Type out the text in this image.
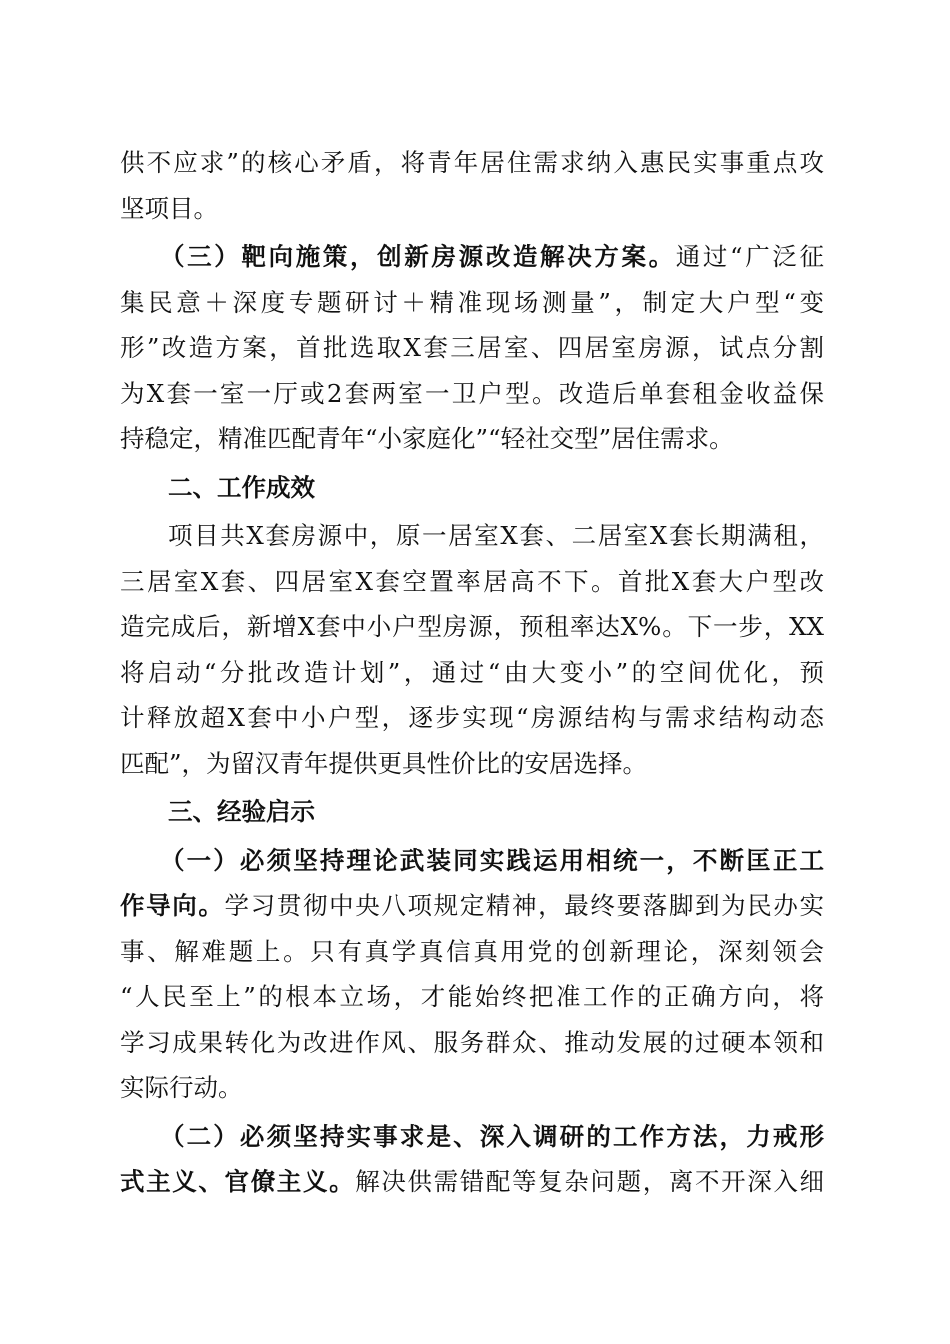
供不应求”的核心矛盾，将青年居住需求纳入惠民实事重点攻
坚项目。
（三）靶向施策，创新房源改造解决方案。通过“广泛征
集民意＋深度专题研讨＋精准现场测量”，制定大户型“变
形”改造方案，首批选取X套三居室、四居室房源，试点分割
为X套一室一厅或2套两室一卫户型。改造后单套租金收益保
持稳定，精准匹配青年“小家庭化”“轻社交型”居住需求。
二、工作成效
项目共X套房源中，原一居室X套、二居室X套长期满租，
三居室X套、四居室X套空置率居高不下。首批X套大户型改
造完成后，新增X套中小户型房源，预租率达X%。下一步，XX
将启动“分批改造计划”，通过“由大变小”的空间优化，预
计释放超X套中小户型，逐步实现“房源结构与需求结构动态
匹配”，为留汉青年提供更具性价比的安居选择。
三、经验启示
（一）必须坚持理论武装同实践运用相统一，不断匡正工
作导向。学习贯彻中央八项规定精神，最终要落脚到为民办实
事、解难题上。只有真学真信真用党的创新理论，深刻领会
“人民至上”的根本立场，才能始终把准工作的正确方向，将
学习成果转化为改进作风、服务群众、推动发展的过硬本领和
实际行动。
（二）必须坚持实事求是、深入调研的工作方法，力戒形
式主义、官僚主义。解决供需错配等复杂问题，离不开深入细
